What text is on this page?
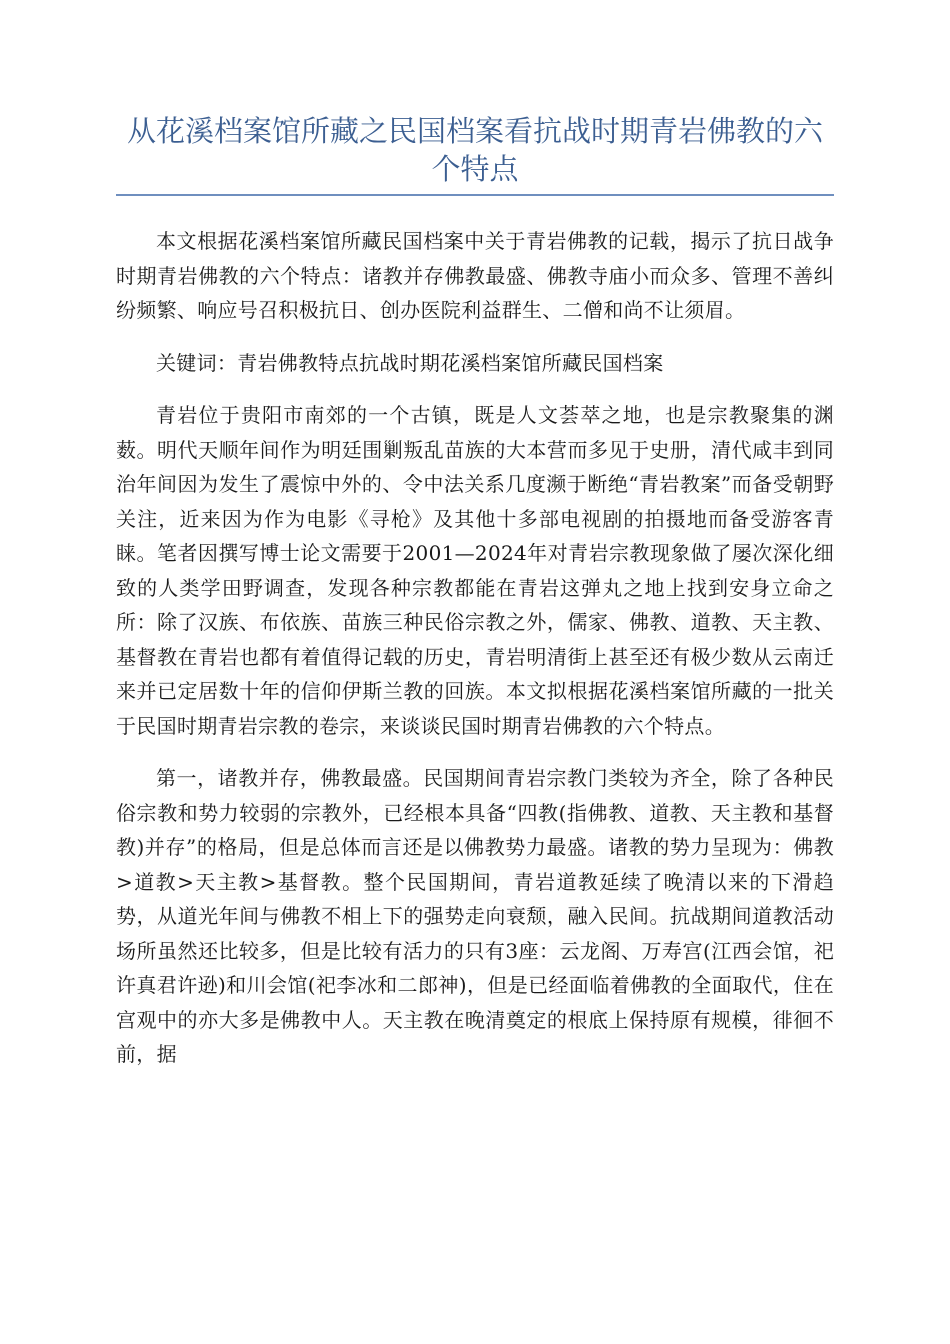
从花溪档案馆所藏之民国档案看抗战时期青岩佛教的六个特点

本文根据花溪档案馆所藏民国档案中关于青岩佛教的记载，揭示了抗日战争时期青岩佛教的六个特点：诸教并存佛教最盛、佛教寺庙小而众多、管理不善纠纷频繁、响应号召积极抗日、创办医院利益群生、二僧和尚不让须眉。

关键词：青岩佛教特点抗战时期花溪档案馆所藏民国档案

青岩位于贵阳市南郊的一个古镇，既是人文荟萃之地，也是宗教聚集的渊薮。明代天顺年间作为明廷围剿叛乱苗族的大本营而多见于史册，清代咸丰到同治年间因为发生了震惊中外的、令中法关系几度濒于断绝“青岩教案”而备受朝野关注，近来因为作为电影《寻枪》及其他十多部电视剧的拍摄地而备受游客青睐。笔者因撰写博士论文需要于2001—2024年对青岩宗教现象做了屡次深化细致的人类学田野调查，发现各种宗教都能在青岩这弹丸之地上找到安身立命之所：除了汉族、布依族、苗族三种民俗宗教之外，儒家、佛教、道教、天主教、基督教在青岩也都有着值得记载的历史，青岩明清街上甚至还有极少数从云南迁来并已定居数十年的信仰伊斯兰教的回族。本文拟根据花溪档案馆所藏的一批关于民国时期青岩宗教的卷宗，来谈谈民国时期青岩佛教的六个特点。

第一，诸教并存，佛教最盛。民国期间青岩宗教门类较为齐全，除了各种民俗宗教和势力较弱的宗教外，已经根本具备“四教(指佛教、道教、天主教和基督教)并存”的格局，但是总体而言还是以佛教势力最盛。诸教的势力呈现为：佛教>道教>天主教>基督教。整个民国期间，青岩道教延续了晚清以来的下滑趋势，从道光年间与佛教不相上下的强势走向衰颓，融入民间。抗战期间道教活动场所虽然还比较多，但是比较有活力的只有3座：云龙阁、万寿宫(江西会馆，祀许真君许逊)和川会馆(祀李冰和二郎神)，但是已经面临着佛教的全面取代，住在宫观中的亦大多是佛教中人。天主教在晚清奠定的根底上保持原有规模，徘徊不前，据
